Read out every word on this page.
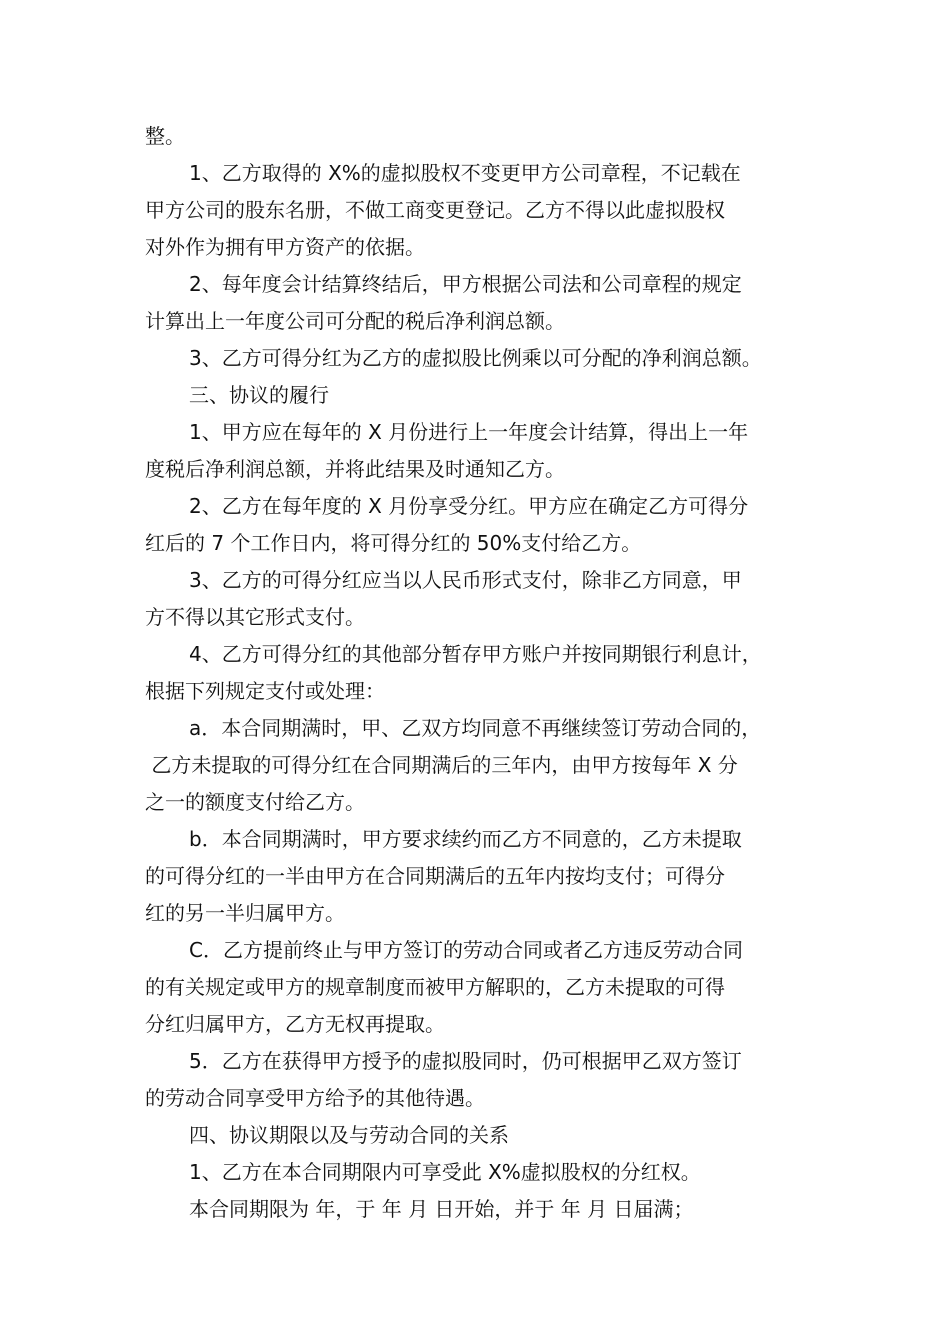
整。
1、乙方取得的 X%的虚拟股权不变更甲方公司章程，不记载在
甲方公司的股东名册，不做工商变更登记。乙方不得以此虚拟股权
对外作为拥有甲方资产的依据。
2、每年度会计结算终结后，甲方根据公司法和公司章程的规定
计算出上一年度公司可分配的税后净利润总额。
3、乙方可得分红为乙方的虚拟股比例乘以可分配的净利润总额。
三、协议的履行
1、甲方应在每年的 X 月份进行上一年度会计结算，得出上一年
度税后净利润总额，并将此结果及时通知乙方。
2、乙方在每年度的 X 月份享受分红。甲方应在确定乙方可得分
红后的 7 个工作日内，将可得分红的 50%支付给乙方。
3、乙方的可得分红应当以人民币形式支付，除非乙方同意，甲
方不得以其它形式支付。
4、乙方可得分红的其他部分暂存甲方账户并按同期银行利息计，
根据下列规定支付或处理：
a．本合同期满时，甲、乙双方均同意不再继续签订劳动合同的，
乙方未提取的可得分红在合同期满后的三年内，由甲方按每年 X 分
之一的额度支付给乙方。
b．本合同期满时，甲方要求续约而乙方不同意的，乙方未提取
的可得分红的一半由甲方在合同期满后的五年内按均支付；可得分
红的另一半归属甲方。
C．乙方提前终止与甲方签订的劳动合同或者乙方违反劳动合同
的有关规定或甲方的规章制度而被甲方解职的，乙方未提取的可得
分红归属甲方，乙方无权再提取。
5．乙方在获得甲方授予的虚拟股同时，仍可根据甲乙双方签订
的劳动合同享受甲方给予的其他待遇。
四、协议期限以及与劳动合同的关系
1、乙方在本合同期限内可享受此 X%虚拟股权的分红权。
本合同期限为 年，于 年 月 日开始，并于 年 月 日届满；
